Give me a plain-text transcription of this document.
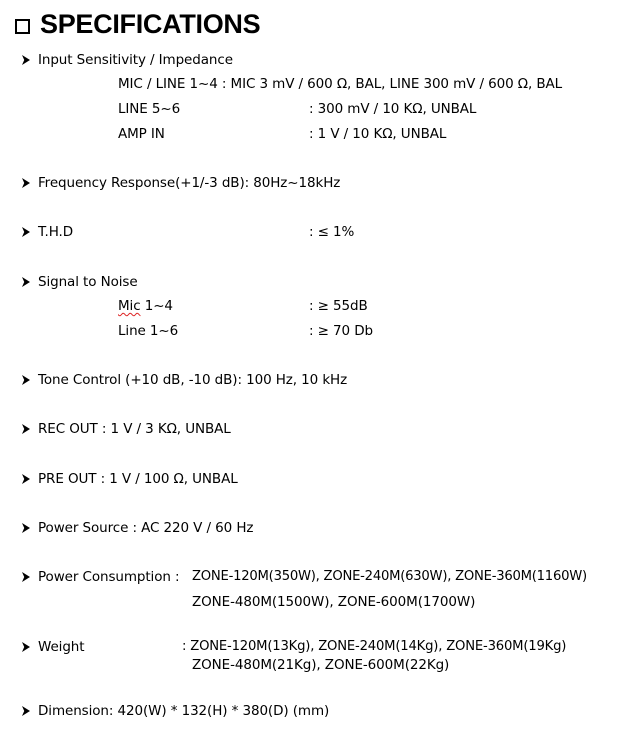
SPECIFICATIONS
Input Sensitivity / Impedance
MIC / LINE 1~4 : MIC 3 mV / 600 Ω, BAL, LINE 300 mV / 600 Ω, BAL
LINE 5~6	: 300 mV / 10 KΩ, UNBAL
AMP IN	: 1 V / 10 KΩ, UNBAL
Frequency Response(+1/-3 dB): 80Hz~18kHz
T.H.D	: ≤ 1%
Signal to Noise
Mic 1~4	: ≥ 55dB
Line 1~6	: ≥ 70 Db
Tone Control (+10 dB, -10 dB): 100 Hz, 10 kHz
REC OUT : 1 V / 3 KΩ, UNBAL
PRE OUT : 1 V / 100 Ω, UNBAL
Power Source : AC 220 V / 60 Hz
Power Consumption : ZONE-120M(350W), ZONE-240M(630W), ZONE-360M(1160W)
ZONE-480M(1500W), ZONE-600M(1700W)
Weight	: ZONE-120M(13Kg), ZONE-240M(14Kg), ZONE-360M(19Kg)
ZONE-480M(21Kg), ZONE-600M(22Kg)
Dimension: 420(W) * 132(H) * 380(D) (mm)
